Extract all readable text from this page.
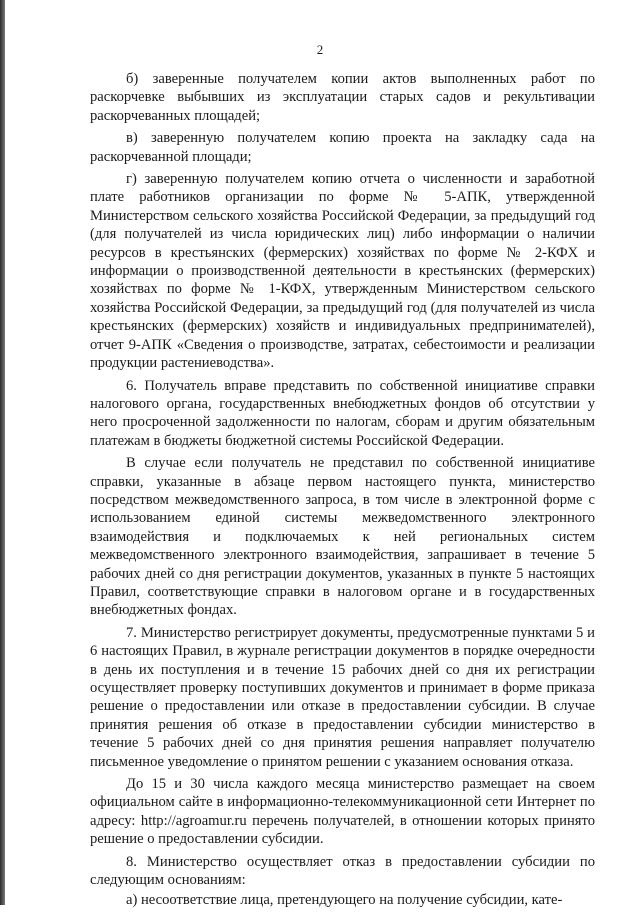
2

б) заверенные получателем копии актов выполненных работ по раскорчевке выбывших из эксплуатации старых садов и рекультивации раскорчеванных площадей;

в) заверенную получателем копию проекта на закладку сада на раскорчеванной площади;

г) заверенную получателем копию отчета о численности и заработной плате работников организации по форме № 5-АПК, утвержденной Министерством сельского хозяйства Российской Федерации, за предыдущий год (для получателей из числа юридических лиц) либо информации о наличии ресурсов в крестьянских (фермерских) хозяйствах по форме № 2-КФХ и информации о производственной деятельности в крестьянских (фермерских) хозяйствах по форме № 1-КФХ, утвержденным Министерством сельского хозяйства Российской Федерации, за предыдущий год (для получателей из числа крестьянских (фермерских) хозяйств и индивидуальных предпринимателей), отчет 9-АПК «Сведения о производстве, затратах, себестоимости и реализации продукции растениеводства».

6. Получатель вправе представить по собственной инициативе справки налогового органа, государственных внебюджетных фондов об отсутствии у него просроченной задолженности по налогам, сборам и другим обязательным платежам в бюджеты бюджетной системы Российской Федерации.

В случае если получатель не представил по собственной инициативе справки, указанные в абзаце первом настоящего пункта, министерство посредством межведомственного запроса, в том числе в электронной форме с использованием единой системы межведомственного электронного взаимодействия и подключаемых к ней региональных систем межведомственного электронного взаимодействия, запрашивает в течение 5 рабочих дней со дня регистрации документов, указанных в пункте 5 настоящих Правил, соответствующие справки в налоговом органе и в государственных внебюджетных фондах.

7. Министерство регистрирует документы, предусмотренные пунктами 5 и 6 настоящих Правил, в журнале регистрации документов в порядке очередности в день их поступления и в течение 15 рабочих дней со дня их регистрации осуществляет проверку поступивших документов и принимает в форме приказа решение о предоставлении или отказе в предоставлении субсидии. В случае принятия решения об отказе в предоставлении субсидии министерство в течение 5 рабочих дней со дня принятия решения направляет получателю письменное уведомление о принятом решении с указанием основания отказа.

До 15 и 30 числа каждого месяца министерство размещает на своем официальном сайте в информационно-телекоммуникационной сети Интернет по адресу: http://agroamur.ru перечень получателей, в отношении которых принято решение о предоставлении субсидии.

8. Министерство осуществляет отказ в предоставлении субсидии по следующим основаниям:

а) несоответствие лица, претендующего на получение субсидии, кате-
